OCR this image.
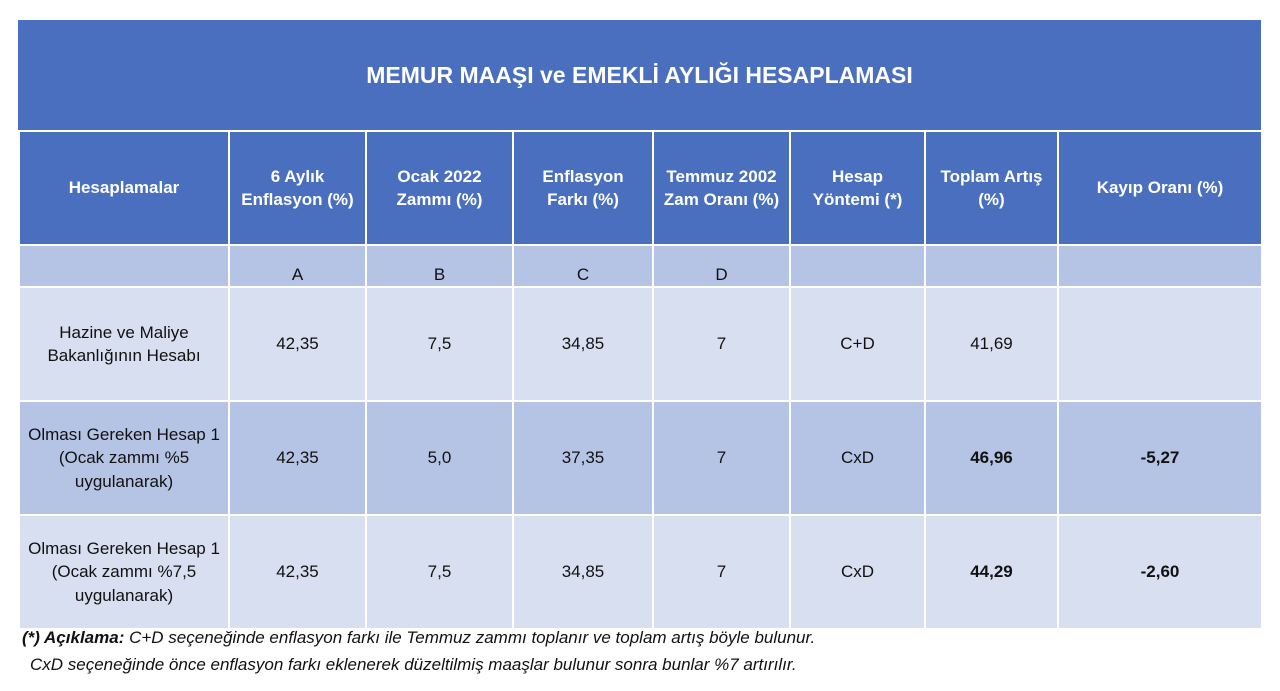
MEMUR MAAŞI ve EMEKLİ AYLIĞI HESAPLAMASI
Hesaplamalar	6 Aylık Enflasyon (%)	Ocak 2022 Zammı (%)	Enflasyon Farkı (%)	Temmuz 2002 Zam Oranı (%)	Hesap Yöntemi (*)	Toplam Artış (%)	Kayıp Oranı (%)
	A	B	C	D			
Hazine ve Maliye Bakanlığının Hesabı	42,35	7,5	34,85	7	C+D	41,69	
Olması Gereken Hesap 1 (Ocak zammı %5 uygulanarak)	42,35	5,0	37,35	7	CxD	46,96	-5,27
Olması Gereken Hesap 1 (Ocak zammı %7,5 uygulanarak)	42,35	7,5	34,85	7	CxD	44,29	-2,60
(*) Açıklama: C+D seçeneğinde enflasyon farkı ile Temmuz zammı toplanır ve toplam artış böyle bulunur.
CxD seçeneğinde önce enflasyon farkı eklenerek düzeltilmiş maaşlar bulunur sonra bunlar %7 artırılır.
